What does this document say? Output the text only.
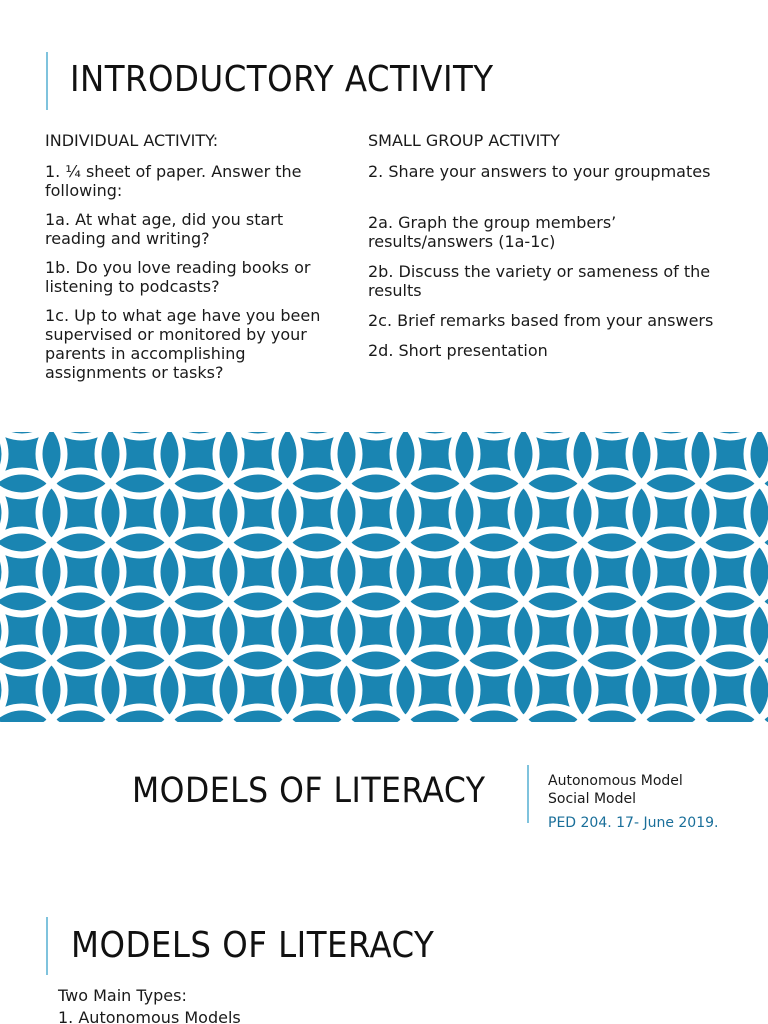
INTRODUCTORY ACTIVITY

INDIVIDUAL ACTIVITY:

1. ¼ sheet of paper. Answer the following:

1a. At what age, did you start reading and writing?

1b. Do you love reading books or listening to podcasts?

1c. Up to what age have you been supervised or monitored by your parents in accomplishing assignments or tasks?

SMALL GROUP ACTIVITY

2. Share your answers to your groupmates

2a. Graph the group members’ results/answers (1a-1c)

2b. Discuss the variety or sameness of the results

2c. Brief remarks based from your answers

2d. Short presentation

MODELS OF LITERACY	Autonomous Model

Social Model

PED 204. 17- June 2019.
MODELS OF LITERACY

Two Main Types:

1. Autonomous Models
